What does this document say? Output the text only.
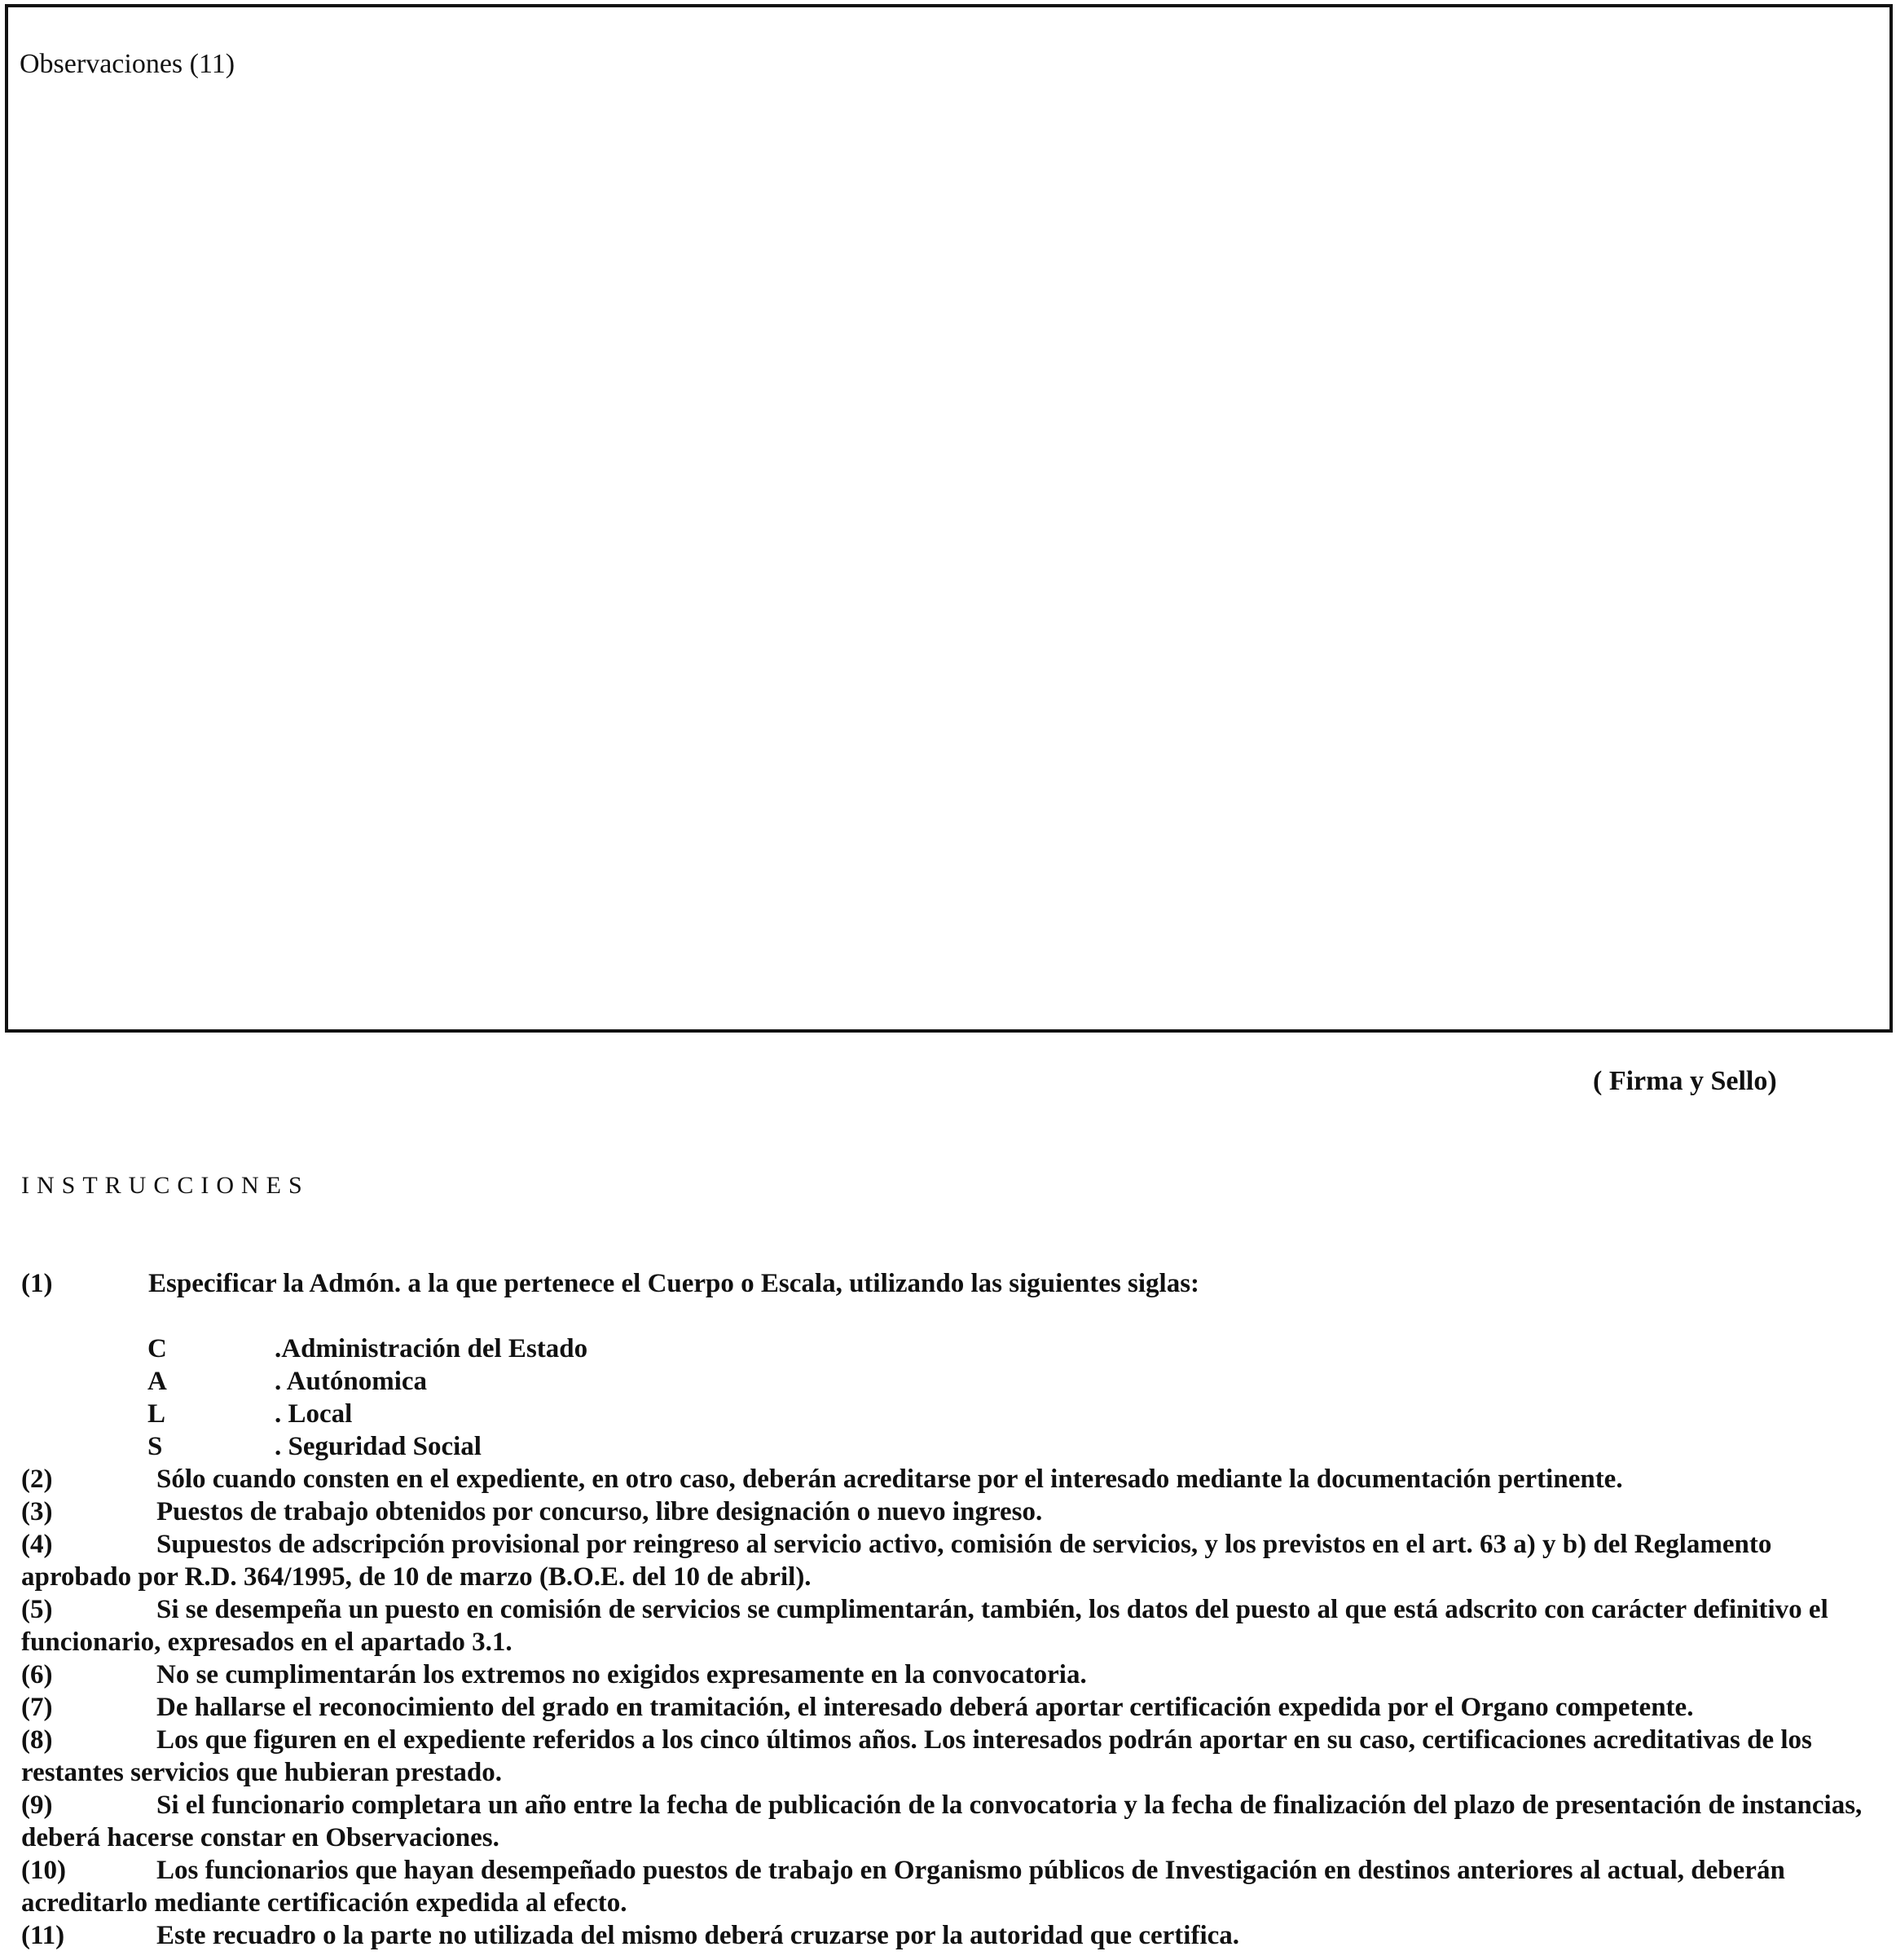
Observaciones (11)
( Firma y Sello)
INSTRUCCIONES
(1)	Especificar la Admón. a la que pertenece el Cuerpo o Escala, utilizando las siguientes siglas:
C	.Administración del Estado
A	. Autónomica
L	. Local
S	. Seguridad Social

(2)	Sólo cuando consten en el expediente, en otro caso, deberán acreditarse por el interesado mediante la documentación pertinente.

(3)	Puestos de trabajo obtenidos por concurso, libre designación o nuevo ingreso.

(4)	Supuestos de adscripción provisional por reingreso al servicio activo, comisión de servicios, y los previstos en el art. 63 a) y b) del Reglamento aprobado por R.D. 364/1995, de 10 de marzo (B.O.E. del 10 de abril).

(5)	Si se desempeña un puesto en comisión de servicios se cumplimentarán, también, los datos del puesto al que está adscrito con carácter definitivo el funcionario, expresados en el apartado 3.1.

(6)	No se cumplimentarán los extremos no exigidos expresamente en la convocatoria.

(7)	De hallarse el reconocimiento del grado en tramitación, el interesado deberá aportar certificación expedida por el Organo competente.

(8)	Los que figuren en el expediente referidos a los cinco últimos años. Los interesados podrán aportar en su caso, certificaciones acreditativas de los restantes servicios que hubieran prestado.

(9)	Si el funcionario completara un año entre la fecha de publicación de la convocatoria y la fecha de finalización del plazo de presentación de instancias, deberá hacerse constar en Observaciones.

(10)	Los funcionarios que hayan desempeñado puestos de trabajo en Organismo públicos de Investigación en destinos anteriores al actual, deberán acreditarlo mediante certificación expedida al efecto.

(11)	Este recuadro o la parte no utilizada del mismo deberá cruzarse por la autoridad que certifica.
